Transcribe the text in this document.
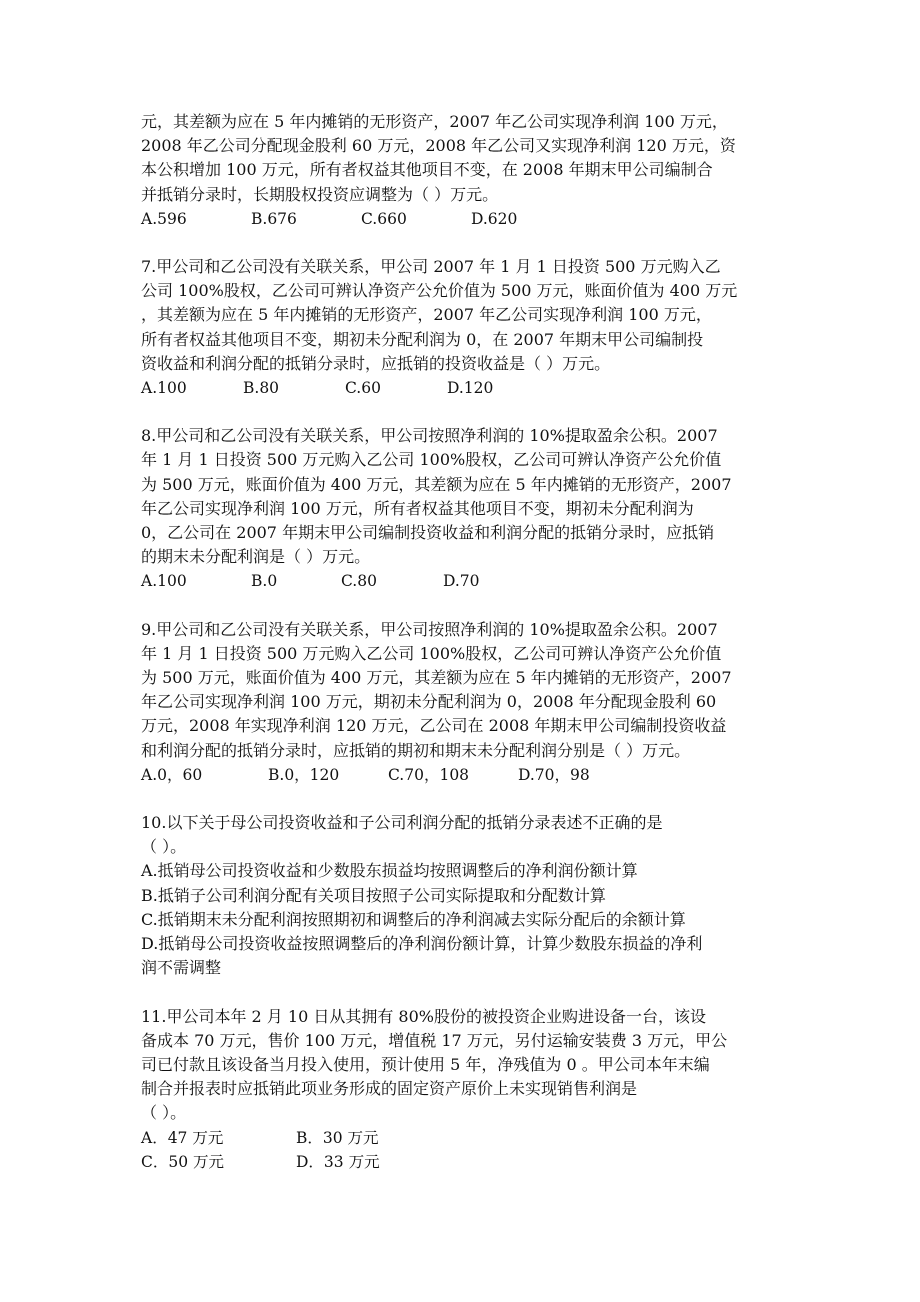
元，其差额为应在 5 年内摊销的无形资产，2007 年乙公司实现净利润 100 万元，
2008 年乙公司分配现金股利 60 万元，2008 年乙公司又实现净利润 120 万元，资
本公积增加 100 万元，所有者权益其他项目不变，在 2008 年期末甲公司编制合
并抵销分录时，长期股权投资应调整为（ ）万元。
A.596	B.676	C.660	D.620
7.甲公司和乙公司没有关联关系，甲公司 2007 年 1 月 1 日投资 500 万元购入乙
公司 100%股权，乙公司可辨认净资产公允价值为 500 万元，账面价值为 400 万元
，其差额为应在 5 年内摊销的无形资产，2007 年乙公司实现净利润 100 万元，
所有者权益其他项目不变，期初未分配利润为 0，在 2007 年期末甲公司编制投
资收益和利润分配的抵销分录时，应抵销的投资收益是（ ）万元。
A.100	B.80	C.60	D.120
8.甲公司和乙公司没有关联关系，甲公司按照净利润的 10%提取盈余公积。2007
年 1 月 1 日投资 500 万元购入乙公司 100%股权，乙公司可辨认净资产公允价值
为 500 万元，账面价值为 400 万元，其差额为应在 5 年内摊销的无形资产，2007
年乙公司实现净利润 100 万元，所有者权益其他项目不变，期初未分配利润为
0，乙公司在 2007 年期末甲公司编制投资收益和利润分配的抵销分录时，应抵销
的期末未分配利润是（ ）万元。
A.100	B.0	C.80	D.70
9.甲公司和乙公司没有关联关系，甲公司按照净利润的 10%提取盈余公积。2007
年 1 月 1 日投资 500 万元购入乙公司 100%股权，乙公司可辨认净资产公允价值
为 500 万元，账面价值为 400 万元，其差额为应在 5 年内摊销的无形资产，2007
年乙公司实现净利润 100 万元，期初未分配利润为 0，2008 年分配现金股利 60
万元，2008 年实现净利润 120 万元，乙公司在 2008 年期末甲公司编制投资收益
和利润分配的抵销分录时，应抵销的期初和期末未分配利润分别是（ ）万元。
A.0，60	B.0，120	C.70，108	D.70，98
10.以下关于母公司投资收益和子公司利润分配的抵销分录表述不正确的是
（ ）。
A.抵销母公司投资收益和少数股东损益均按照调整后的净利润份额计算
B.抵销子公司利润分配有关项目按照子公司实际提取和分配数计算
C.抵销期末未分配利润按照期初和调整后的净利润减去实际分配后的余额计算
D.抵销母公司投资收益按照调整后的净利润份额计算，计算少数股东损益的净利
润不需调整
11.甲公司本年 2 月 10 日从其拥有 80%股份的被投资企业购进设备一台，该设
备成本 70 万元，售价 100 万元，增值税 17 万元，另付运输安装费 3 万元，甲公
司已付款且该设备当月投入使用，预计使用 5 年，净残值为 0 。甲公司本年末编
制合并报表时应抵销此项业务形成的固定资产原价上未实现销售利润是
（ ）。
A．47 万元	B．30 万元
C．50 万元	D．33 万元
